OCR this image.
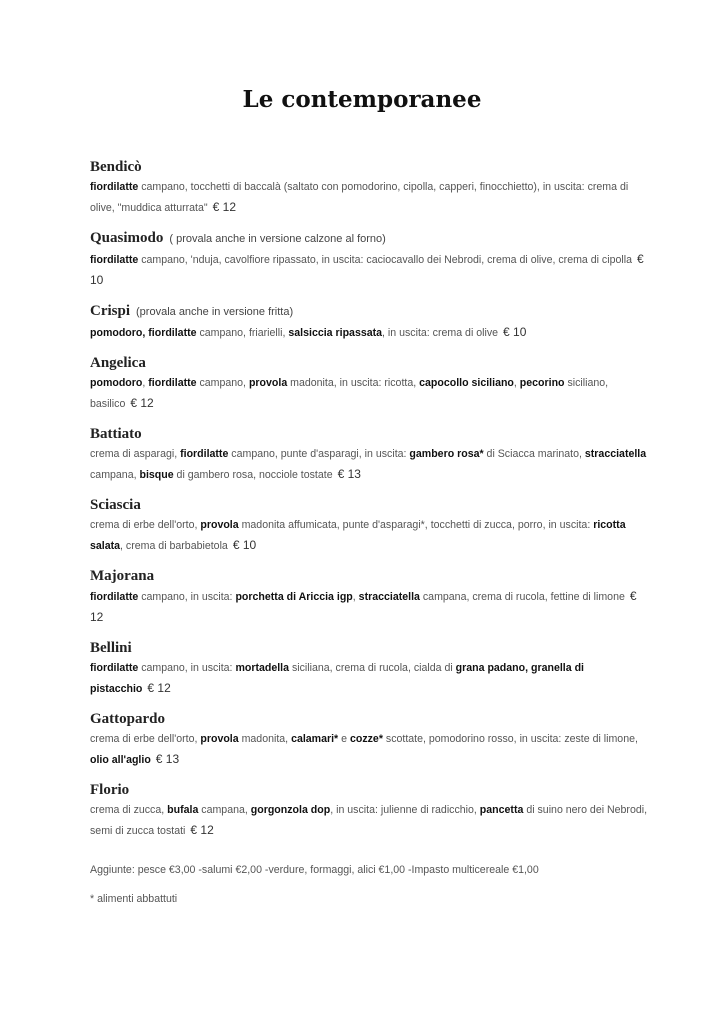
Le contemporanee
Bendicò
fiordilatte campano, tocchetti di baccalà (saltato con pomodorino, cipolla, capperi, finocchietto), in uscita: crema di olive, "muddica atturrata" € 12
Quasimodo ( provala anche in versione calzone al forno)
fiordilatte campano, 'nduja, cavolfiore ripassato, in uscita: caciocavallo dei Nebrodi, crema di olive, crema di cipolla € 10
Crispi (provala anche in versione fritta)
pomodoro, fiordilatte campano, friarielli, salsiccia ripassata, in uscita: crema di olive € 10
Angelica
pomodoro, fiordilatte campano, provola madonita, in uscita: ricotta, capocollo siciliano, pecorino siciliano, basilico € 12
Battiato
crema di asparagi, fiordilatte campano, punte d'asparagi, in uscita: gambero rosa* di Sciacca marinato, stracciatella campana, bisque di gambero rosa, nocciole tostate € 13
Sciascia
crema di erbe dell'orto, provola madonita affumicata, punte d'asparagi*, tocchetti di zucca, porro, in uscita: ricotta salata, crema di barbabietola € 10
Majorana
fiordilatte campano, in uscita: porchetta di Ariccia igp, stracciatella campana, crema di rucola, fettine di limone € 12
Bellini
fiordilatte campano, in uscita: mortadella siciliana, crema di rucola, cialda di grana padano, granella di pistacchio € 12
Gattopardo
crema di erbe dell'orto, provola madonita, calamari* e cozze* scottate, pomodorino rosso, in uscita: zeste di limone, olio all'aglio € 13
Florio
crema di zucca, bufala campana, gorgonzola dop, in uscita: julienne di radicchio, pancetta di suino nero dei Nebrodi, semi di zucca tostati € 12
Aggiunte: pesce €3,00 -salumi €2,00 -verdure, formaggi, alici €1,00 -Impasto multicereale €1,00
* alimenti abbattuti
